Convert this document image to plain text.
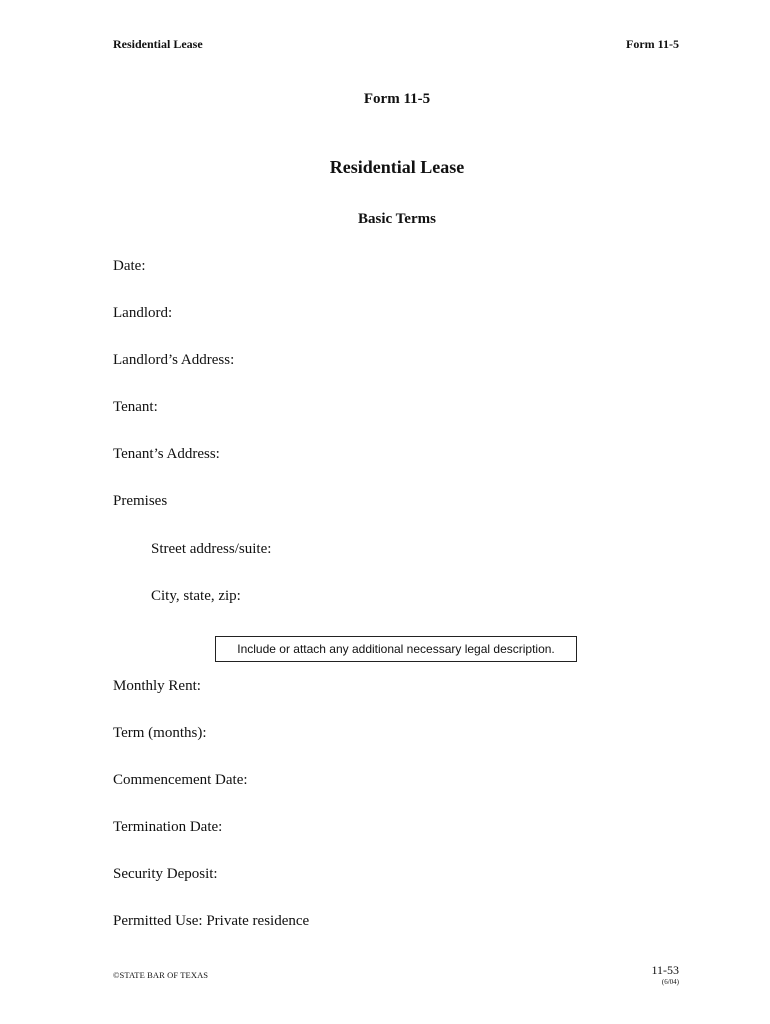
Residential Lease	Form 11-5
Form 11-5
Residential Lease
Basic Terms
Date:
Landlord:
Landlord’s Address:
Tenant:
Tenant’s Address:
Premises
Street address/suite:
City, state, zip:
Include or attach any additional necessary legal description.
Monthly Rent:
Term (months):
Commencement Date:
Termination Date:
Security Deposit:
Permitted Use: Private residence
©STATE BAR OF TEXAS	11-53
(6/04)
